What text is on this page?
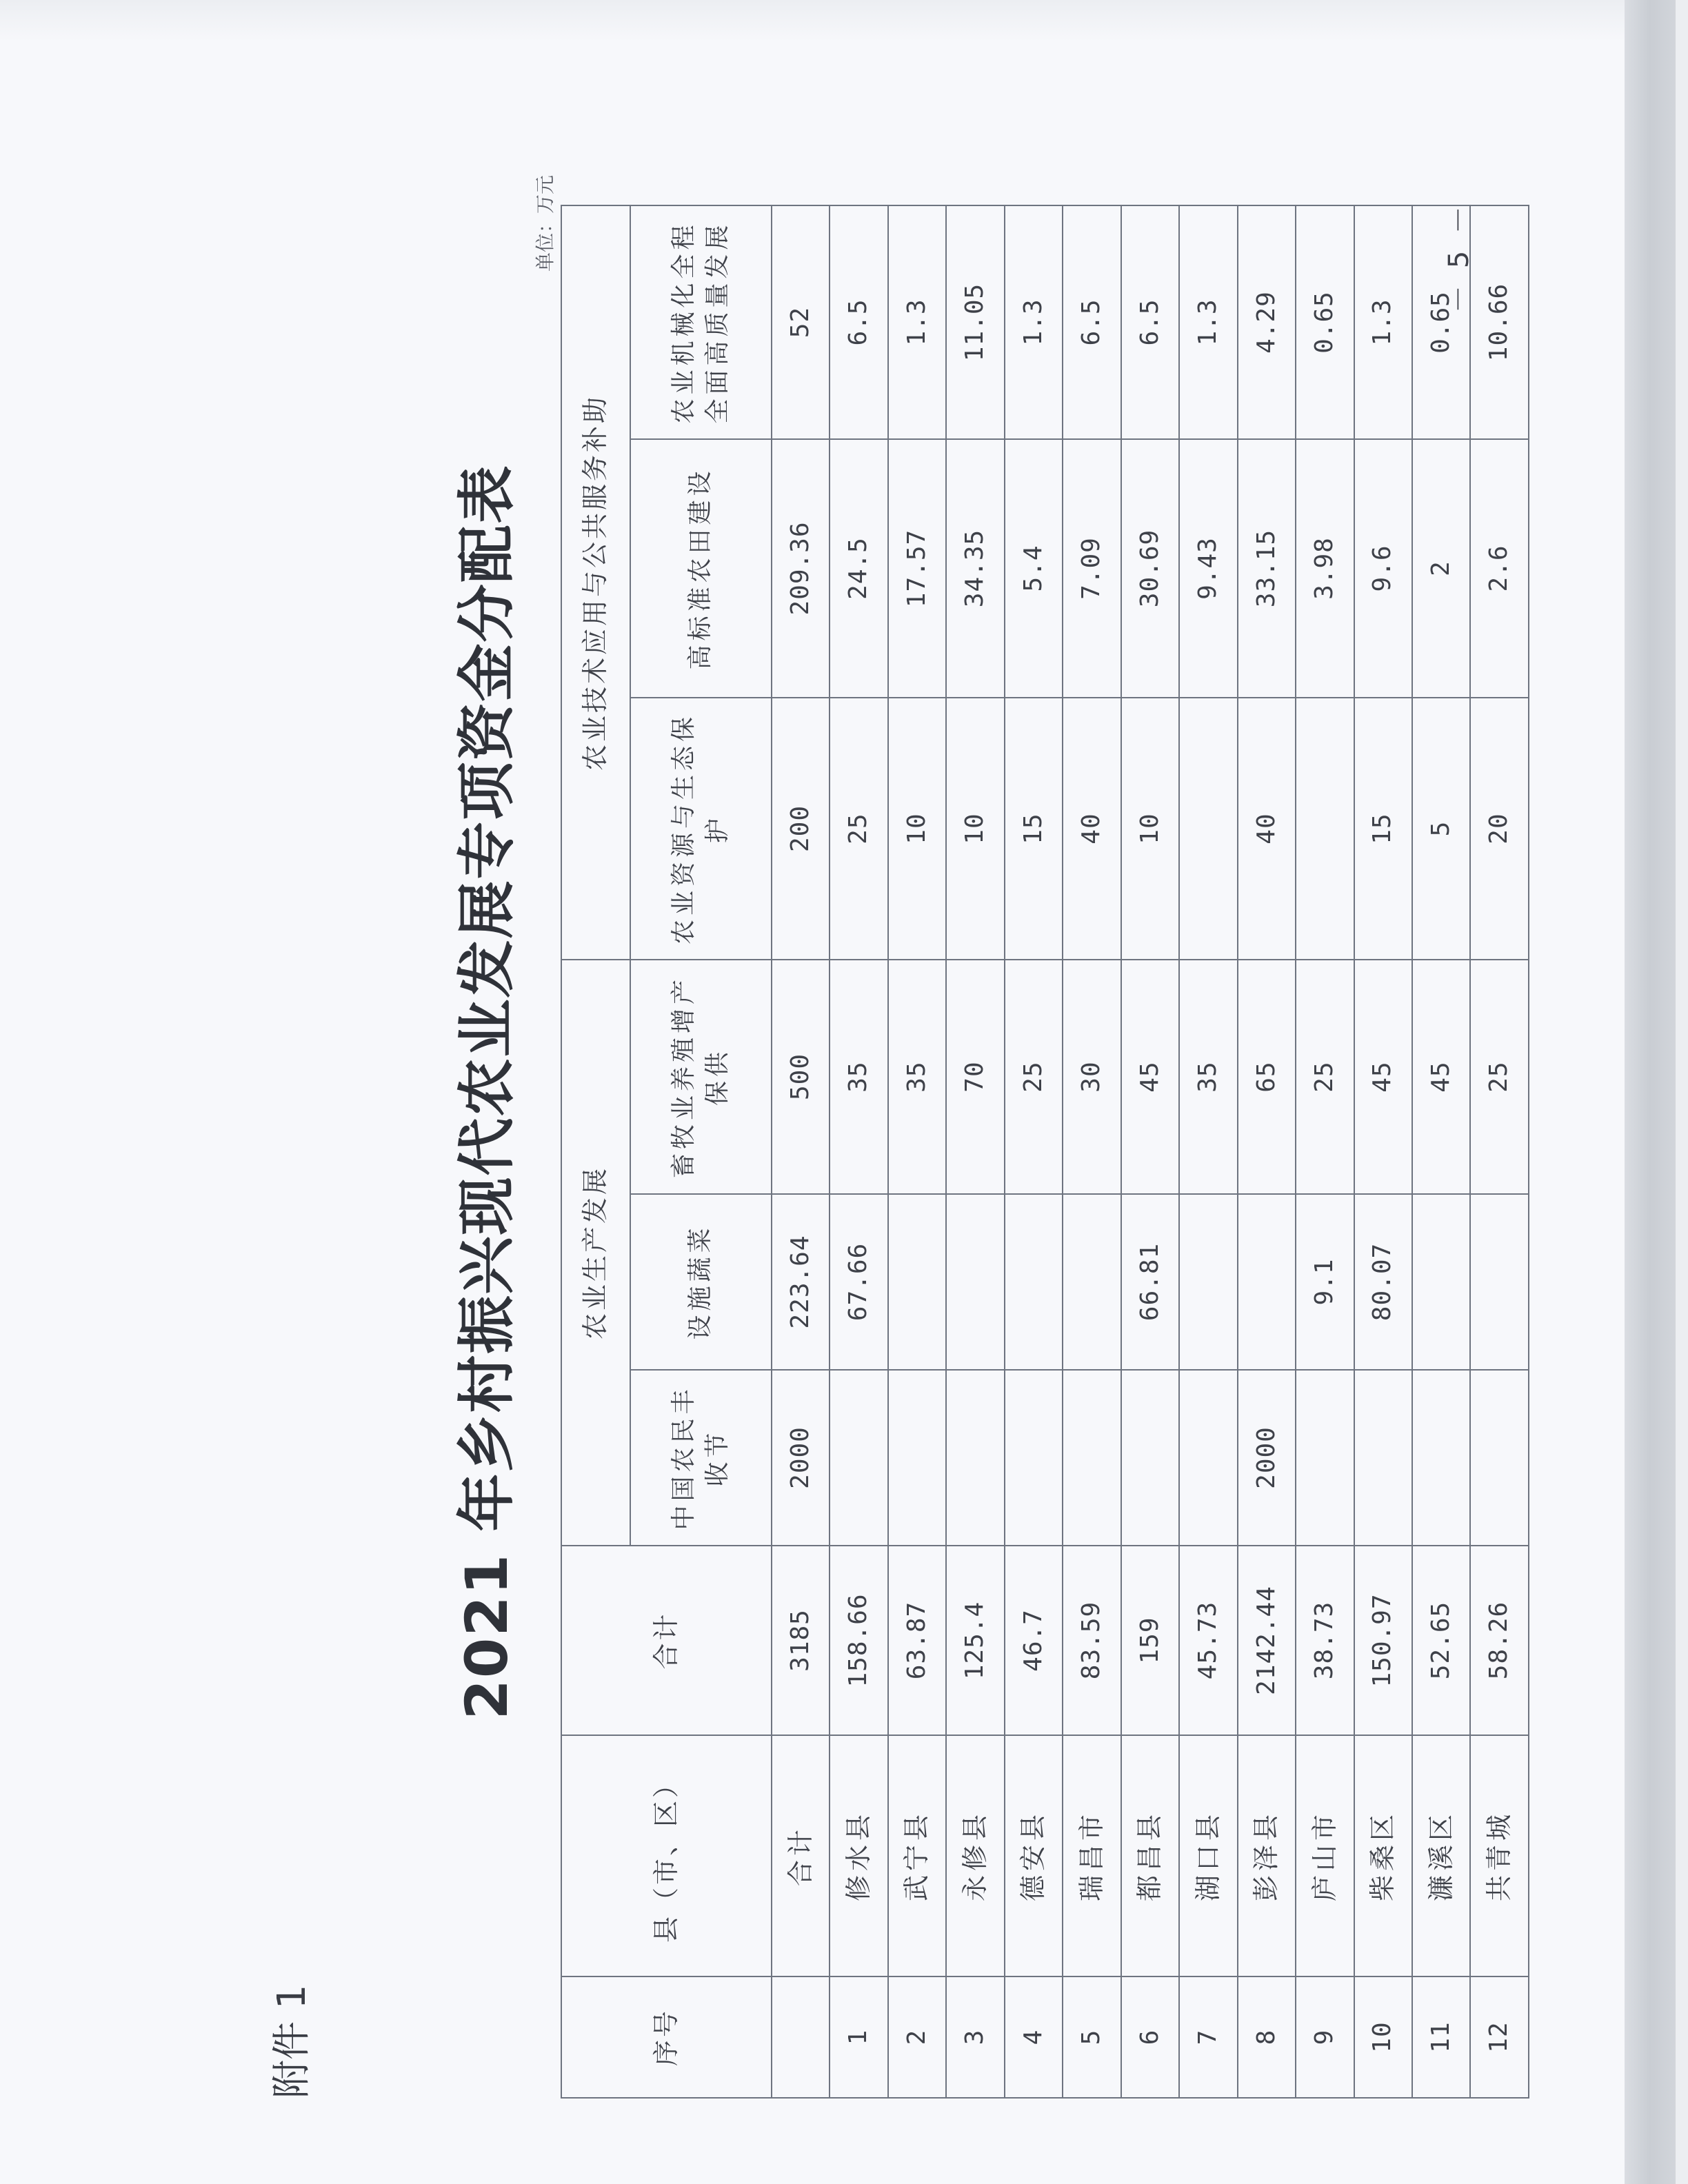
附件 1
2021 年乡村振兴现代农业发展专项资金分配表
单位：万元	－ 5 －
序号	县（市、区）	合计	农业生产发展			农业技术应用与公共服务补助		
			中国农民丰收节	设施蔬菜	畜牧业养殖增产保供	农业资源与生态保护	高标准农田建设	农业机械化全程全面高质量发展
	合计	3185	2000	223.64	500	200	209.36	52
1	修水县	158.66		67.66	35	25	24.5	6.5
2	武宁县	63.87			35	10	17.57	1.3
3	永修县	125.4			70	10	34.35	11.05
4	德安县	46.7			25	15	5.4	1.3
5	瑞昌市	83.59			30	40	7.09	6.5
6	都昌县	159		66.81	45	10	30.69	6.5
7	湖口县	45.73			35		9.43	1.3
8	彭泽县	2142.44	2000		65	40	33.15	4.29
9	庐山市	38.73		9.1	25		3.98	0.65
10	柴桑区	150.97		80.07	45	15	9.6	1.3
11	濂溪区	52.65			45	5	2	0.65
12	共青城	58.26			25	20	2.6	10.66
